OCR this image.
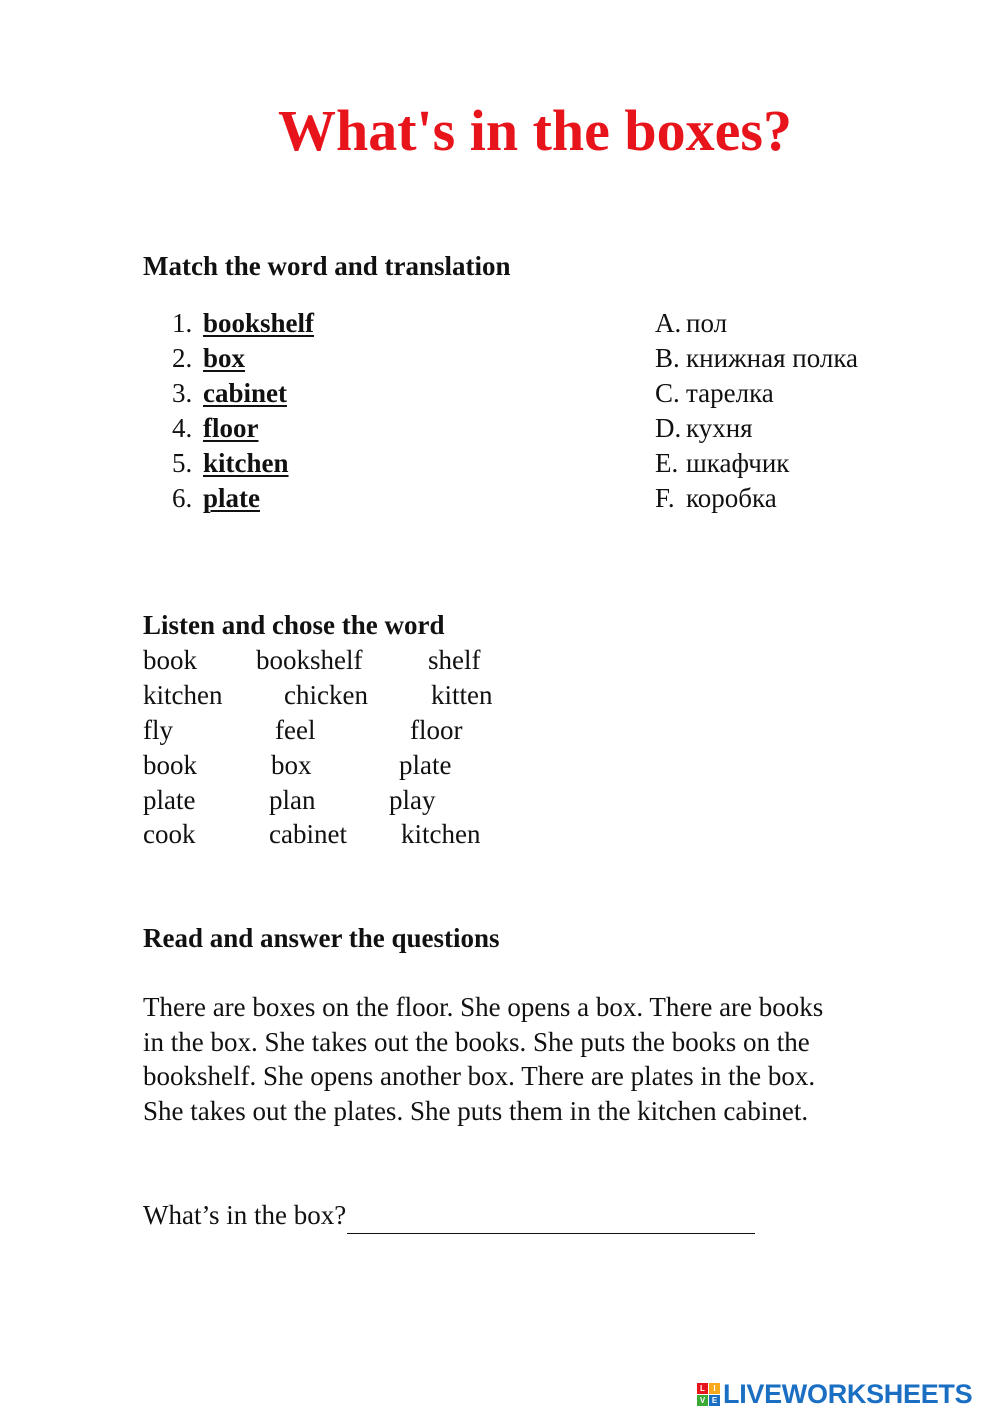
What's in the boxes?
Match the word and translation
1. bookshelf	A. пол
2. box	B. книжная полка
3. cabinet	C. тарелка
4. floor	D. кухня
5. kitchen	E. шкафчик
6. plate	F. коробка
Listen and chose the word
book bookshelf shelf
kitchen chicken kitten
fly	feel	floor
book	box	plate
plate	plan	play
cook	cabinet kitchen
Read and answer the questions
There are boxes on the floor. She opens a box. There are books
in the box. She takes out the books. She puts the books on the
bookshelf. She opens another box. There are plates in the box.
She takes out the plates. She puts them in the kitchen cabinet.
What’s in the box?
L	I
V E LIVEWORKSHEETS
